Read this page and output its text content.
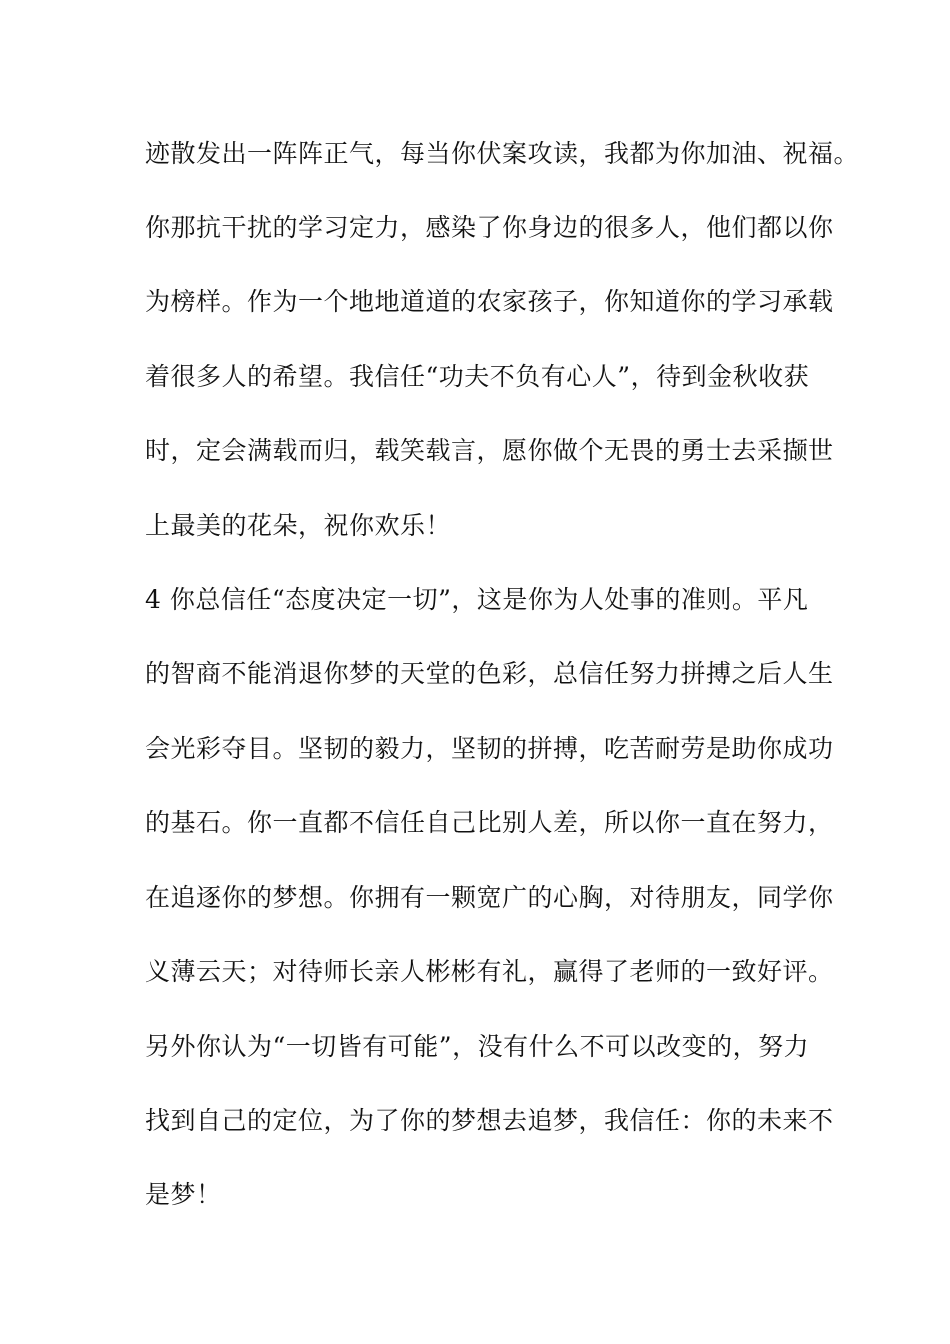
迹散发出一阵阵正气，每当你伏案攻读，我都为你加油、祝福。
你那抗干扰的学习定力，感染了你身边的很多人，他们都以你
为榜样。作为一个地地道道的农家孩子，你知道你的学习承载
着很多人的希望。我信任“功夫不负有心人”，待到金秋收获
时，定会满载而归，载笑载言，愿你做个无畏的勇士去采撷世
上最美的花朵，祝你欢乐！
4 你总信任“态度决定一切”，这是你为人处事的准则。平凡
的智商不能消退你梦的天堂的色彩，总信任努力拼搏之后人生
会光彩夺目。坚韧的毅力，坚韧的拼搏，吃苦耐劳是助你成功
的基石。你一直都不信任自己比别人差，所以你一直在努力，
在追逐你的梦想。你拥有一颗宽广的心胸，对待朋友，同学你
义薄云天；对待师长亲人彬彬有礼，赢得了老师的一致好评。
另外你认为“一切皆有可能”，没有什么不可以改变的，努力
找到自己的定位，为了你的梦想去追梦，我信任：你的未来不
是梦！
